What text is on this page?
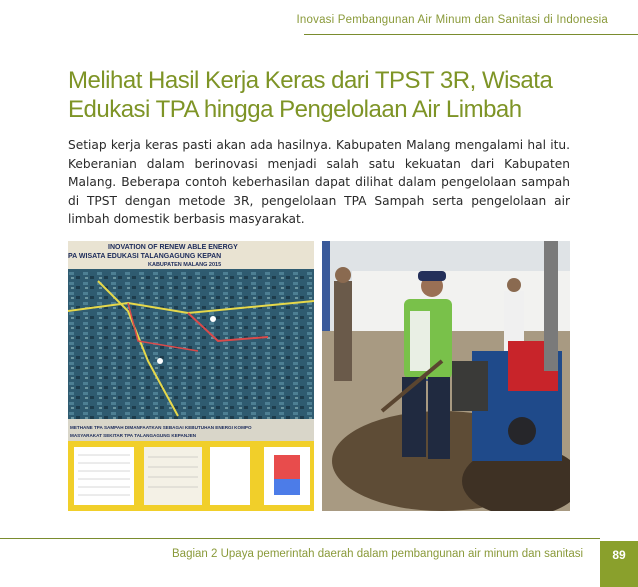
Inovasi Pembangunan Air Minum dan Sanitasi di Indonesia
Melihat Hasil Kerja Keras dari TPST 3R, Wisata Edukasi TPA hingga Pengelolaan Air Limbah

Setiap kerja keras pasti akan ada hasilnya. Kabupaten Malang mengalami hal itu. Keberanian dalam berinovasi menjadi salah satu kekuatan dari Kabupaten Malang. Beberapa contoh keberhasilan dapat dilihat dalam pengelolaan sampah di TPST dengan metode 3R, pengelolaan TPA Sampah serta pengelolaan air limbah domestik berbasis masyarakat.

INOVATION OF RENEW ABLE ENERGY
PA WISATA EDUKASI TALANGAGUNG KEPAN
KABUPATEN MALANG 2015
METHANE TPA SAMPAH DIMANFAATKAN SEBAGAI KEBUTUHAN ENERGI KOMPO
MASYARAKAT SEKITAR TPA TALANGAGUNG KEPANJEN
Bagian 2 Upaya pemerintah daerah dalam pembangunan air minum dan sanitasi	89
